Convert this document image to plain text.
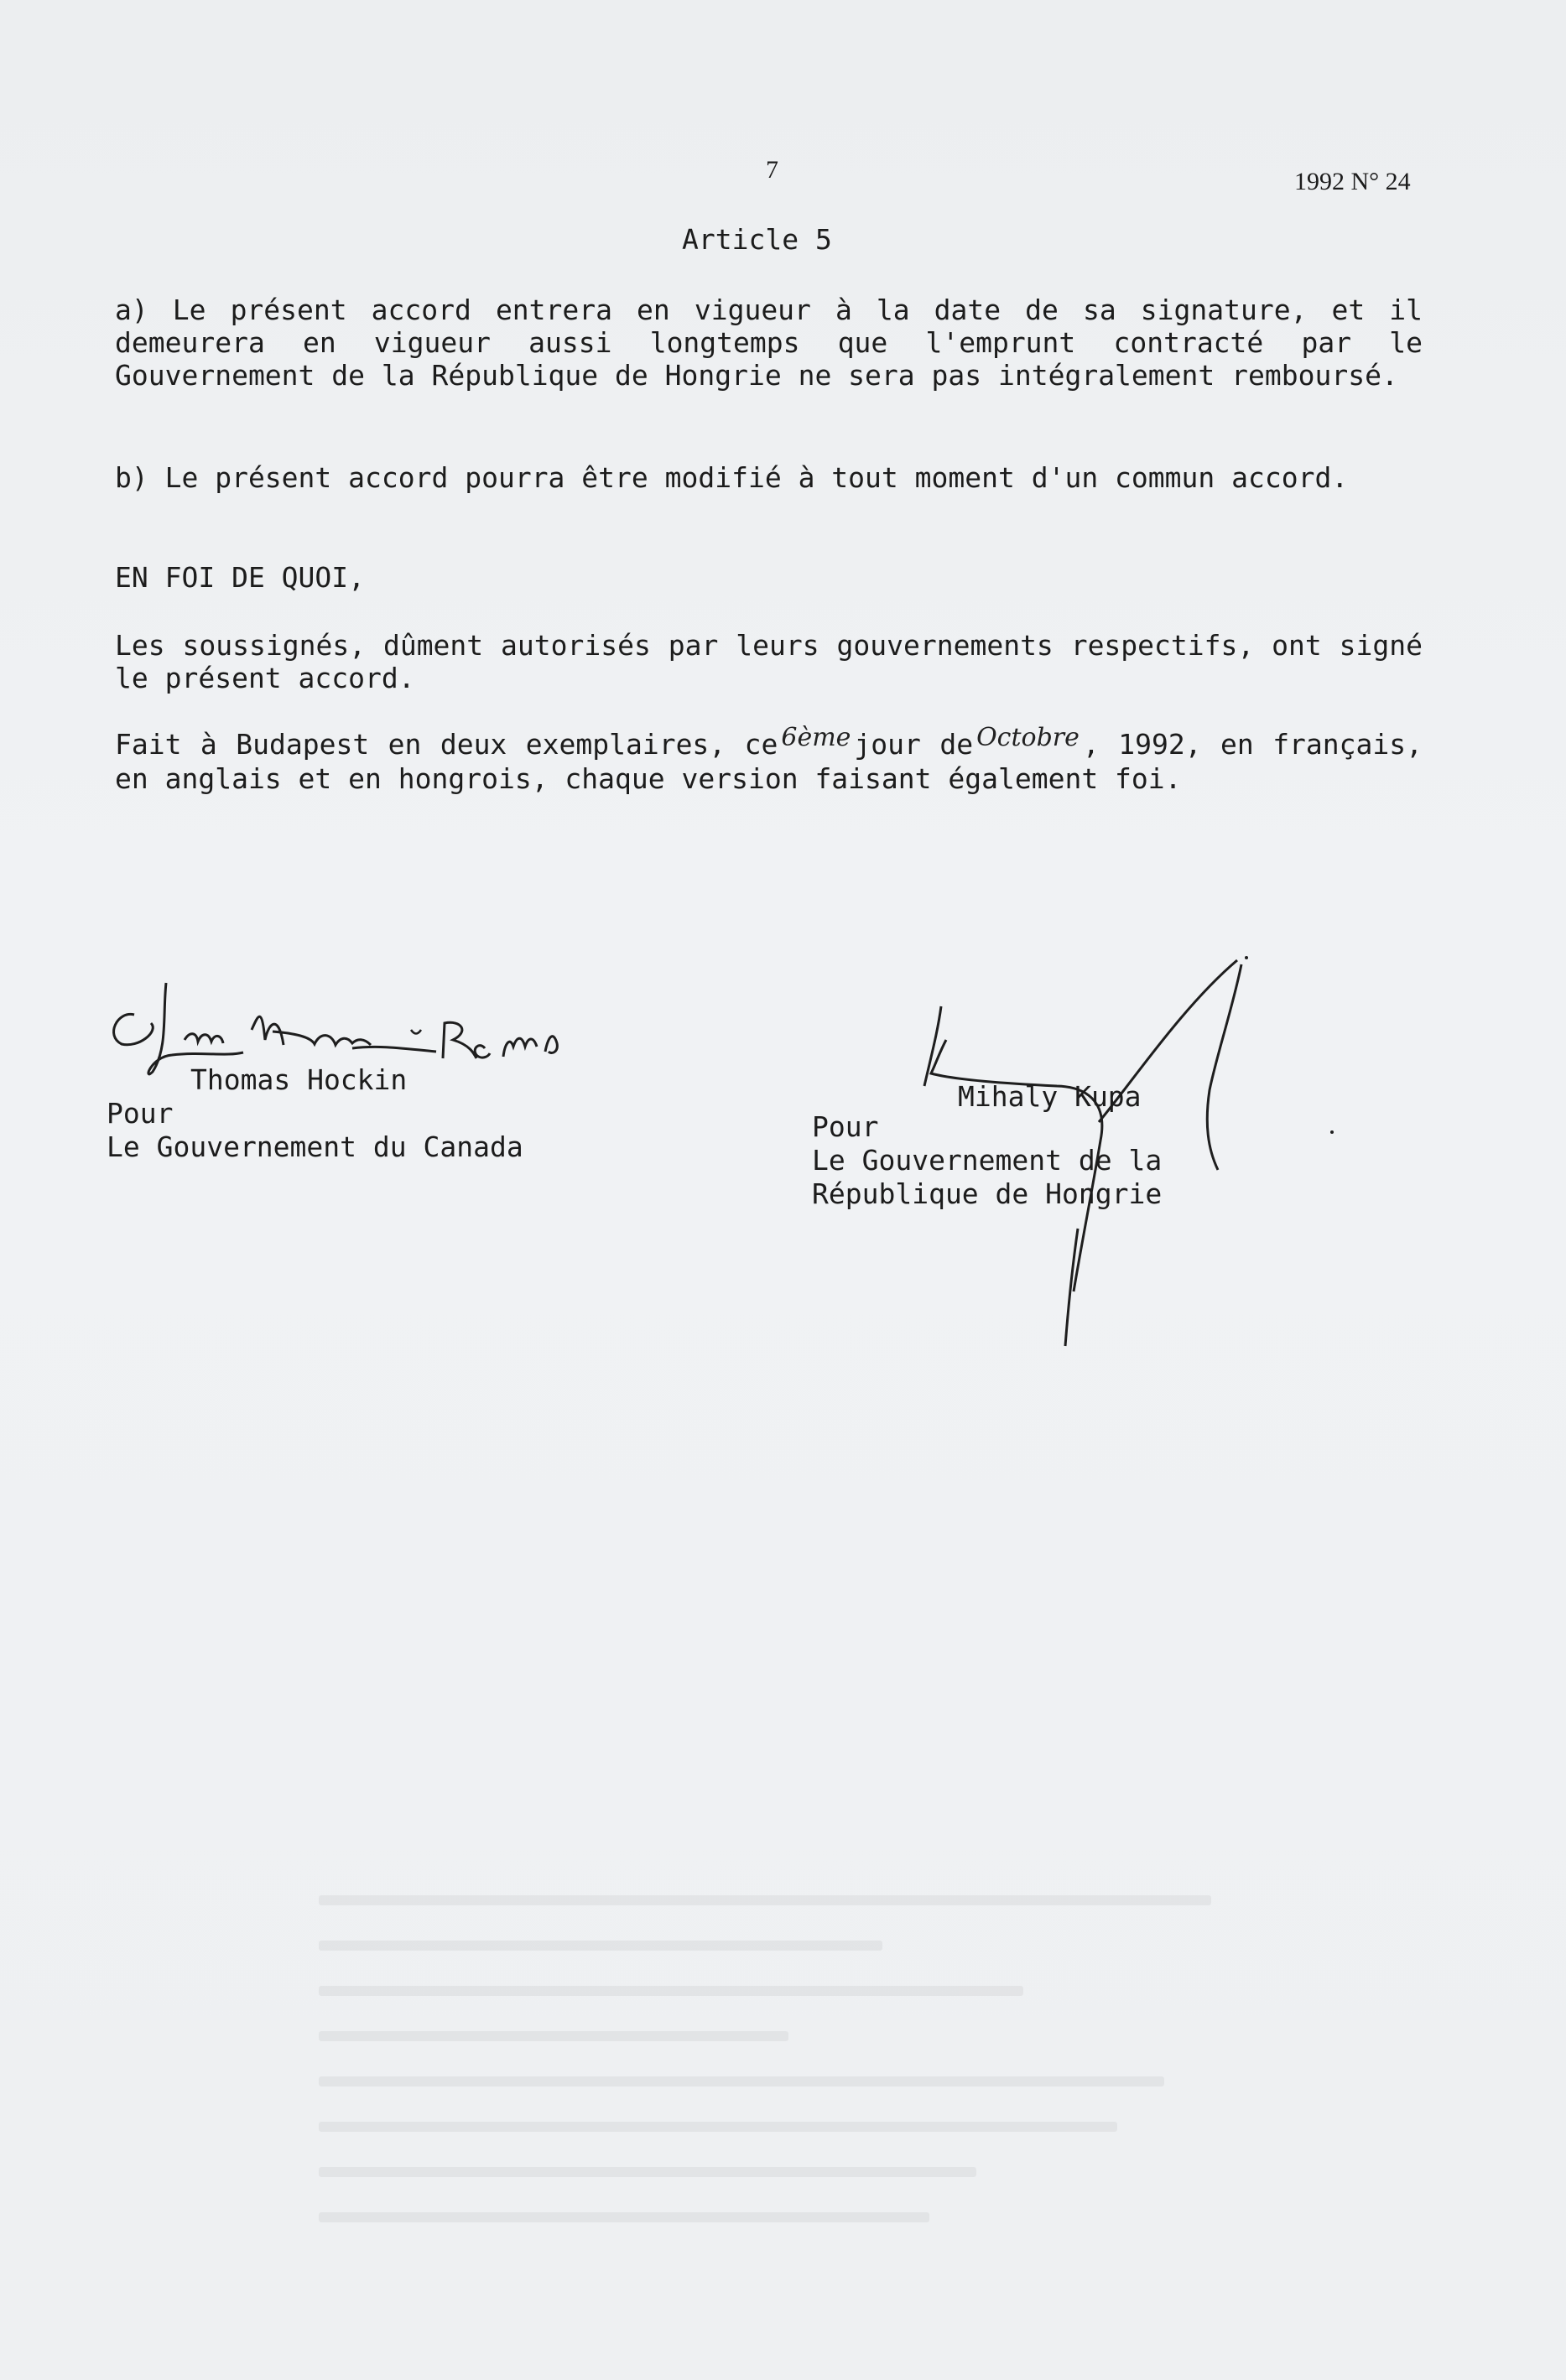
7	1992 N° 24
Article 5

a) Le présent accord entrera en vigueur à la date de sa signature, et il demeurera en vigueur aussi longtemps que l'emprunt contracté par le Gouvernement de la République de Hongrie ne sera pas intégralement remboursé.

b) Le présent accord pourra être modifié à tout moment d'un commun accord.

EN FOI DE QUOI,

Les soussignés, dûment autorisés par leurs gouvernements respectifs, ont signé le présent accord.

Fait à Budapest en deux exemplaires, ce 6ème jour de Octobre , 1992, en français, en anglais et en hongrois, chaque version faisant également foi.

Thomas Hockin
Pour
Le Gouvernement du Canada
Mihaly Kupa
Pour
Le Gouvernement de la
République de Hongrie
